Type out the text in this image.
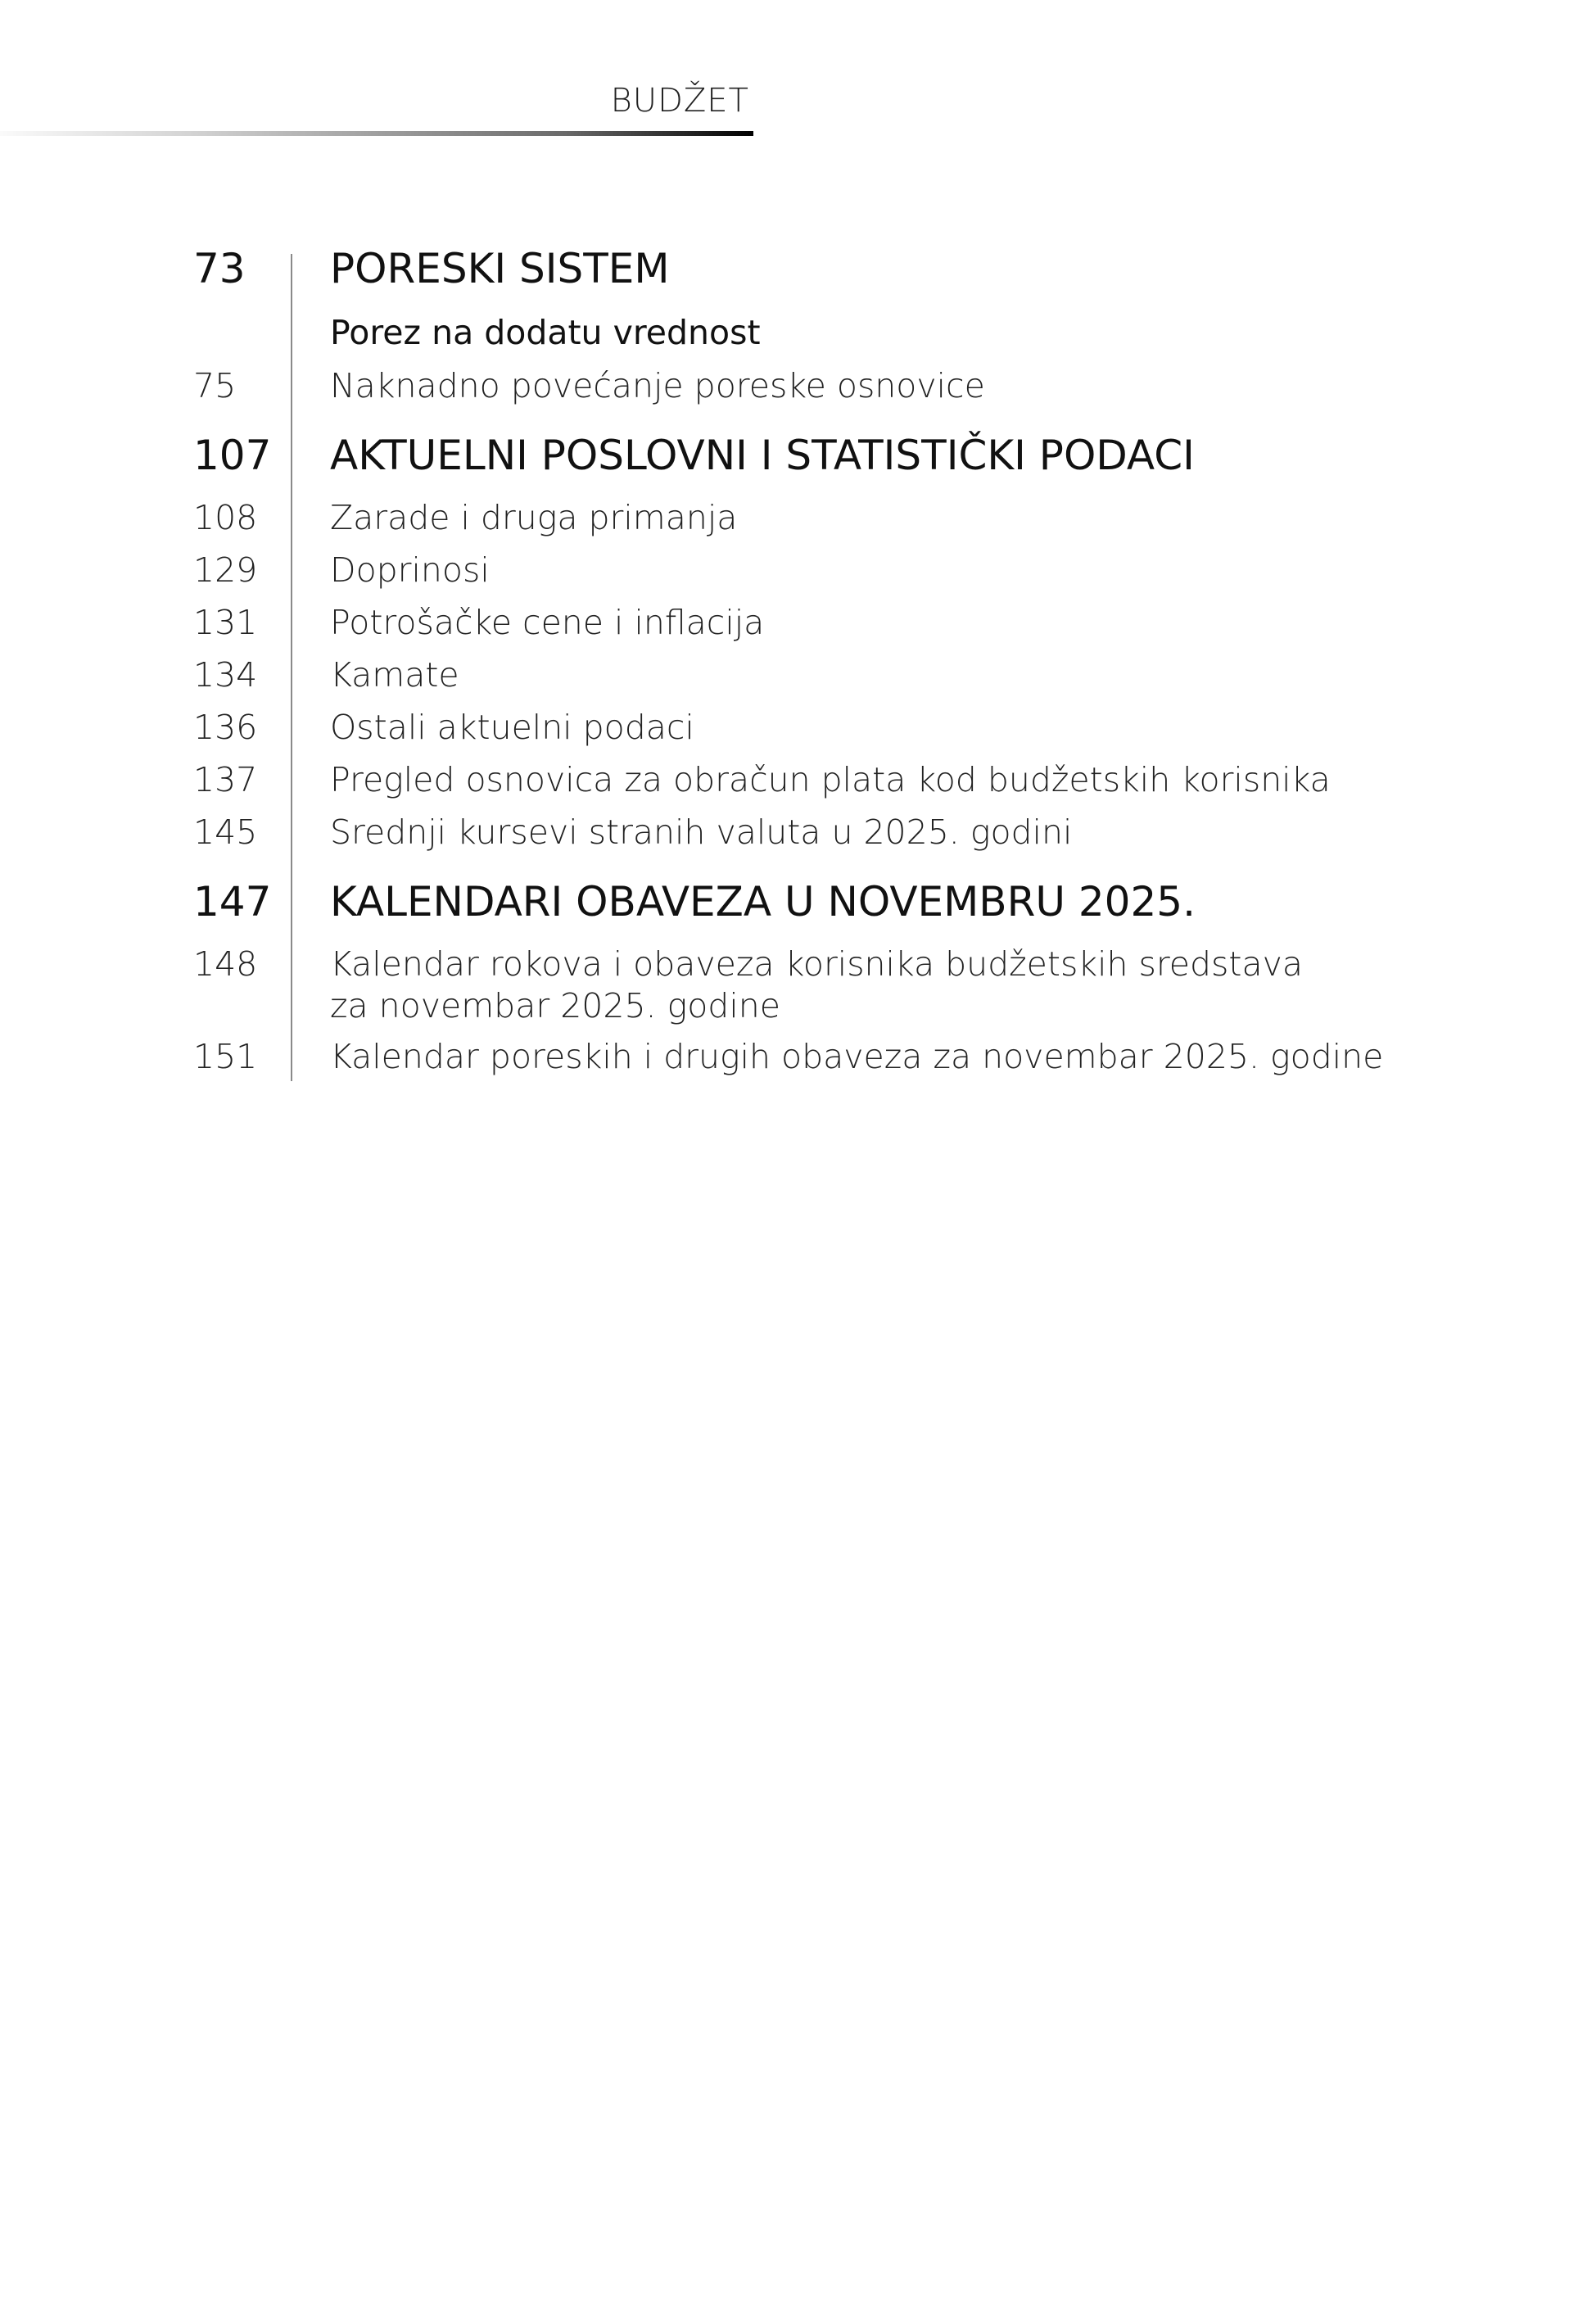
BUDŽET
73 PORESKI SISTEM
Porez na dodatu vrednost
75	Naknadno povećanje poreske osnovice
107 AKTUELNI POSLOVNI I STATISTIČKI PODACI
108 Zarade i druga primanja
129 Doprinosi
131 Potrošačke cene i inflacija
134 Kamate
136 Ostali aktuelni podaci
137 Pregled osnovica za obračun plata kod budžetskih korisnika
145 Srednji kursevi stranih valuta u 2025. godini
147 KALENDARI OBAVEZA U NOVEMBRU 2025.
148 Kalendar rokova i obaveza korisnika budžetskih sredstava
za novembar 2025. godine
151 Kalendar poreskih i drugih obaveza za novembar 2025. godine
